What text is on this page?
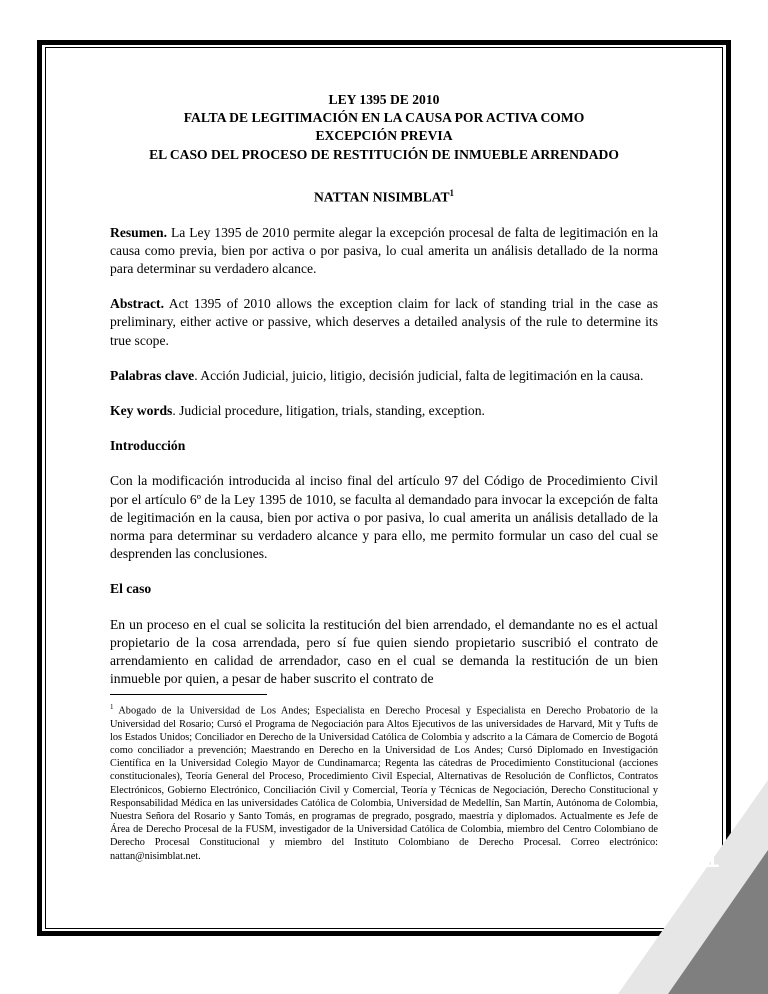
LEY 1395 DE 2010

FALTA DE LEGITIMACIÓN EN LA CAUSA POR ACTIVA COMO

EXCEPCIÓN PREVIA

EL CASO DEL PROCESO DE RESTITUCIÓN DE INMUEBLE ARRENDADO

NATTAN NISIMBLAT$^1$

Resumen. La Ley 1395 de 2010 permite alegar la excepción procesal de falta de legitimación en la causa como previa, bien por activa o por pasiva, lo cual amerita un análisis detallado de la norma para determinar su verdadero alcance.

Abstract. Act 1395 of 2010 allows the exception claim for lack of standing trial in the case as preliminary, either active or passive, which deserves a detailed analysis of the rule to determine its true scope.

Palabras clave. Acción Judicial, juicio, litigio, decisión judicial, falta de legitimación en la causa.

Key words. Judicial procedure, litigation, trials, standing, exception.

Introducción

Con la modificación introducida al inciso final del artículo 97 del Código de Procedimiento Civil por el artículo 6º de la Ley 1395 de 1010, se faculta al demandado para invocar la excepción de falta de legitimación en la causa, bien por activa o por pasiva, lo cual amerita un análisis detallado de la norma para determinar su verdadero alcance y para ello, me permito formular un caso del cual se desprenden las conclusiones.

El caso

En un proceso en el cual se solicita la restitución del bien arrendado, el demandante no es el actual propietario de la cosa arrendada, pero sí fue quien siendo propietario suscribió el contrato de arrendamiento en calidad de arrendador, caso en el cual se demanda la restitución de un bien inmueble por quien, a pesar de haber suscrito el contrato de

$^1$ Abogado de la Universidad de Los Andes; Especialista en Derecho Procesal y Especialista en Derecho Probatorio de la Universidad del Rosario; Cursó el Programa de Negociación para Altos Ejecutivos de las universidades de Harvard, Mit y Tufts de los Estados Unidos; Conciliador en Derecho de la Universidad Católica de Colombia y adscrito a la Cámara de Comercio de Bogotá como conciliador a prevención; Maestrando en Derecho en la Universidad de Los Andes; Cursó Diplomado en Investigación Científica en la Universidad Colegio Mayor de Cundinamarca; Regenta las cátedras de Procedimiento Constitucional (acciones constitucionales), Teoría General del Proceso, Procedimiento Civil Especial, Alternativas de Resolución de Conflictos, Contratos Electrónicos, Gobierno Electrónico, Conciliación Civil y Comercial, Teoría y Técnicas de Negociación, Derecho Constitucional y Responsabilidad Médica en las universidades Católica de Colombia, Universidad de Medellín, San Martín, Autónoma de Colombia, Nuestra Señora del Rosario y Santo Tomás, en programas de pregrado, posgrado, maestría y diplomados. Actualmente es Jefe de Área de Derecho Procesal de la FUSM, investigador de la Universidad Católica de Colombia, miembro del Centro Colombiano de Derecho Procesal Constitucional y miembro del Instituto Colombiano de Derecho Procesal. Correo electrónico: nattan@nisimblat.net.	1
